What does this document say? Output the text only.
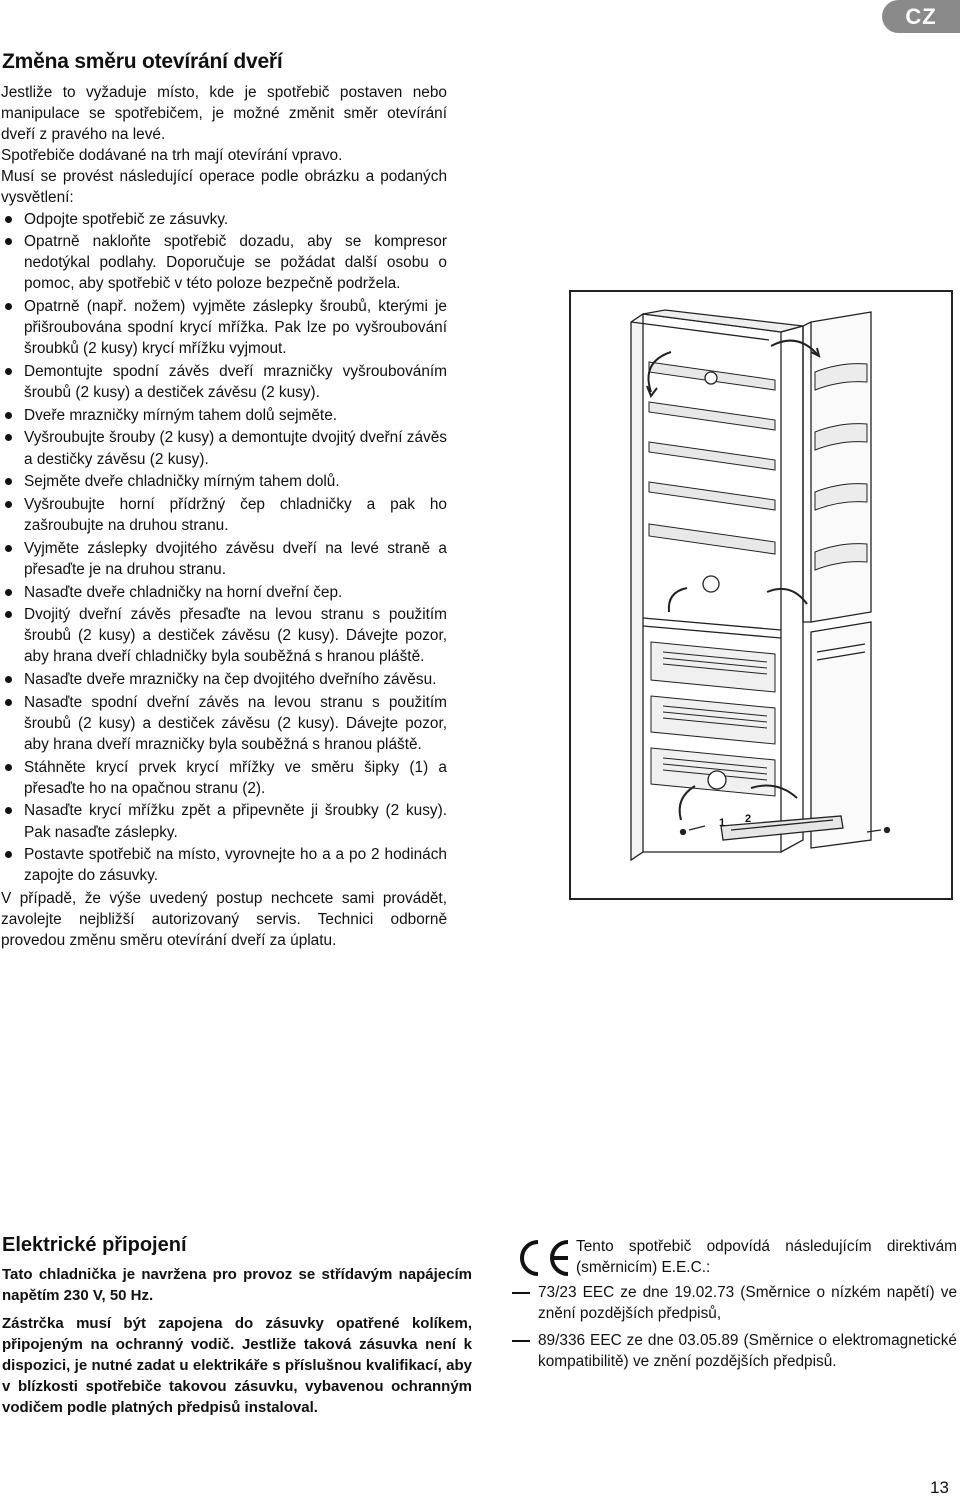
CZ
Změna směru otevírání dveří

Jestliže to vyžaduje místo, kde je spotřebič postaven nebo manipulace se spotřebičem, je možné změnit směr otevírání dveří z pravého na levé.

Spotřebiče dodávané na trh mají otevírání vpravo.

Musí se provést následující operace podle obrázku a podaných vysvětlení:

Odpojte spotřebič ze zásuvky.
Opatrně nakloňte spotřebič dozadu, aby se kompresor nedotýkal podlahy. Doporučuje se požádat další osobu o pomoc, aby spotřebič v této poloze bezpečně podržela.
Opatrně (např. nožem) vyjměte záslepky šroubů, kterými je přišroubována spodní krycí mřížka. Pak lze po vyšroubování šroubků (2 kusy) krycí mřížku vyjmout.
Demontujte spodní závěs dveří mrazničky vyšroubováním šroubů (2 kusy) a destiček závěsu (2 kusy).
Dveře mrazničky mírným tahem dolů sejměte.
Vyšroubujte šrouby (2 kusy) a demontujte dvojitý dveřní závěs a destičky závěsu (2 kusy).
Sejměte dveře chladničky mírným tahem dolů.
Vyšroubujte horní přídržný čep chladničky a pak ho zašroubujte na druhou stranu.
Vyjměte záslepky dvojitého závěsu dveří na levé straně a přesaďte je na druhou stranu.
Nasaďte dveře chladničky na horní dveřní čep.
Dvojitý dveřní závěs přesaďte na levou stranu s použitím šroubů (2 kusy) a destiček závěsu (2 kusy). Dávejte pozor, aby hrana dveří chladničky byla souběžná s hranou pláště.
Nasaďte dveře mrazničky na čep dvojitého dveřního závěsu.
Nasaďte spodní dveřní závěs na levou stranu s použitím šroubů (2 kusy) a destiček závěsu (2 kusy). Dávejte pozor, aby hrana dveří mrazničky byla souběžná s hranou pláště.
Stáhněte krycí prvek krycí mřížky ve směru šipky (1) a přesaďte ho na opačnou stranu (2).
Nasaďte krycí mřížku zpět a připevněte ji šroubky (2 kusy). Pak nasaďte záslepky.
Postavte spotřebič na místo, vyrovnejte ho a a po 2 hodinách zapojte do zásuvky.

V případě, že výše uvedený postup nechcete sami provádět, zavolejte nejbližší autorizovaný servis. Technici odborně provedou změnu směru otevírání dveří za úplatu.

1 2
Elektrické připojení

Tato chladnička je navržena pro provoz se střídavým napájecím napětím 230 V, 50 Hz.

Zástrčka musí být zapojena do zásuvky opatřené kolíkem, připojeným na ochranný vodič. Jestliže taková zásuvka není k dispozici, je nutné zadat u elektrikáře s příslušnou kvalifikací, aby v blízkosti spotřebiče takovou zásuvku, vybavenou ochranným vodičem podle platných předpisů instaloval.

Tento spotřebič odpovídá následujícím direktivám (směrnicím) E.E.C.:

73/23 EEC ze dne 19.02.73 (Směrnice o nízkém napětí) ve znění pozdějších předpisů,
89/336 EEC ze dne 03.05.89 (Směrnice o elektromagnetické kompatibilitě) ve znění pozdějších předpisů.
13
